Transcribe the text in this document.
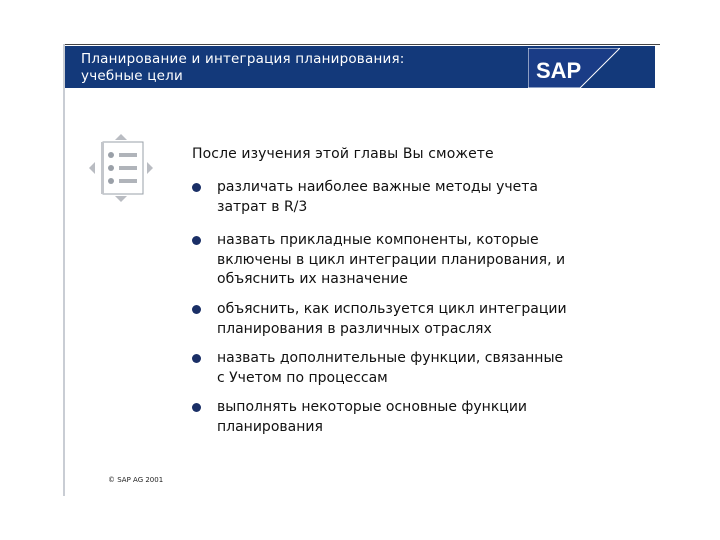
Планирование и интеграция планирования:
учебные цели	SAP
После изучения этой главы Вы сможете
различать наиболее важные методы учета
затрат в R/3
назвать прикладные компоненты, которые
включены в цикл интеграции планирования, и
объяснить их назначение
объяснить, как используется цикл интеграции
планирования в различных отраслях
назвать дополнительные функции, связанные
с Учетом по процессам
выполнять некоторые основные функции
планирования
© SAP AG 2001
